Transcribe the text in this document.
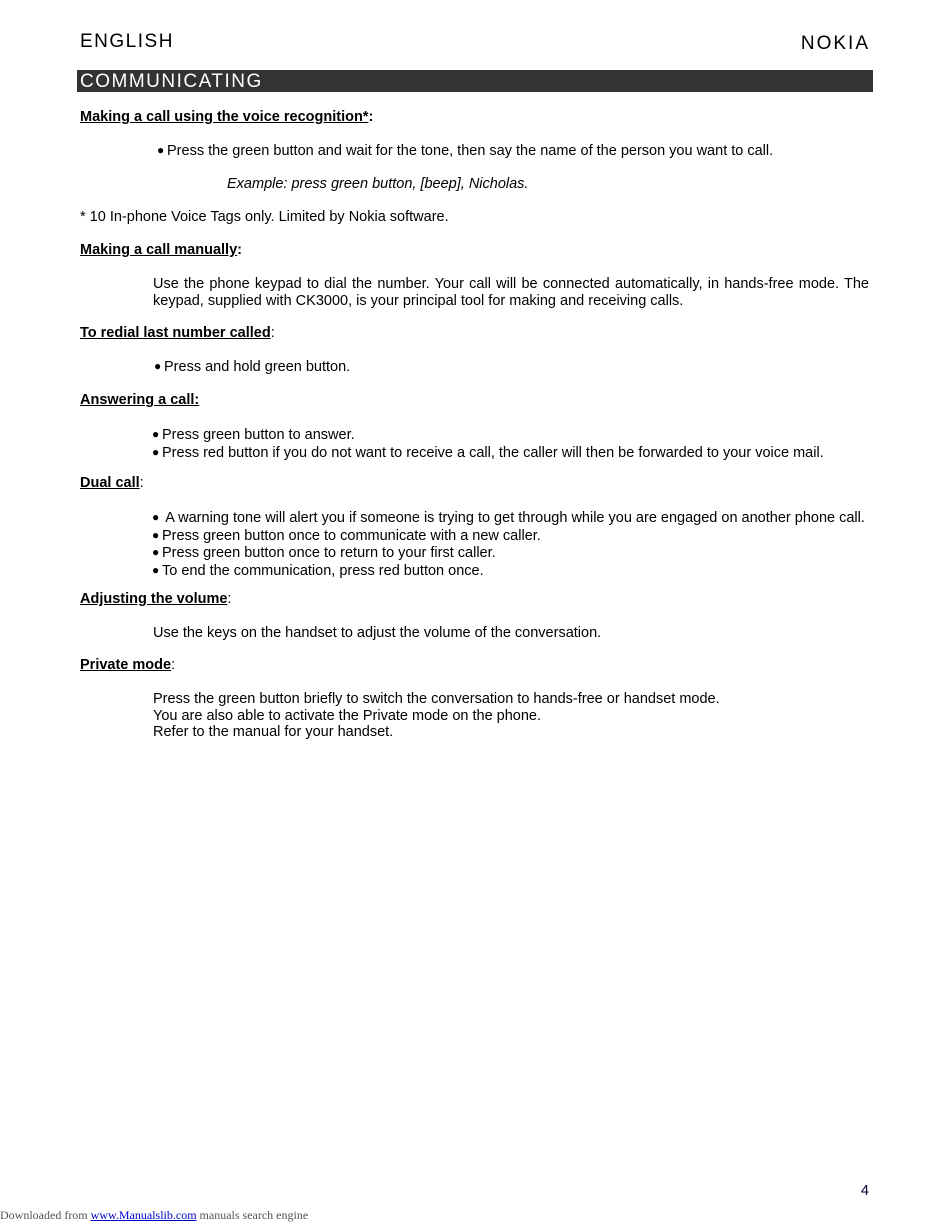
ENGLISH	NOKIA
COMMUNICATING
Making a call using the voice recognition*:
● Press the green button and wait for the tone, then say the name of the person you want to call.
Example: press green button, [beep], Nicholas.
* 10 In-phone Voice Tags only. Limited by Nokia software.
Making a call manually:
Use the phone keypad to dial the number. Your call will be connected automatically, in hands-free mode. The keypad, supplied with CK3000, is your principal tool for making and receiving calls.
To redial last number called:
● Press and hold green button.
Answering a call:
● Press green button to answer.
● Press red button if you do not want to receive a call, the caller will then be forwarded to your voice mail.
Dual call:
● A warning tone will alert you if someone is trying to get through while you are engaged on another phone call.
● Press green button once to communicate with a new caller.
● Press green button once to return to your first caller.
● To end the communication, press red button once.
Adjusting the volume:
Use the keys on the handset to adjust the volume of the conversation.
Private mode:
Press the green button briefly to switch the conversation to hands-free or handset mode.
You are also able to activate the Private mode on the phone.
Refer to the manual for your handset.
4
Downloaded from www.Manualslib.com manuals search engine
